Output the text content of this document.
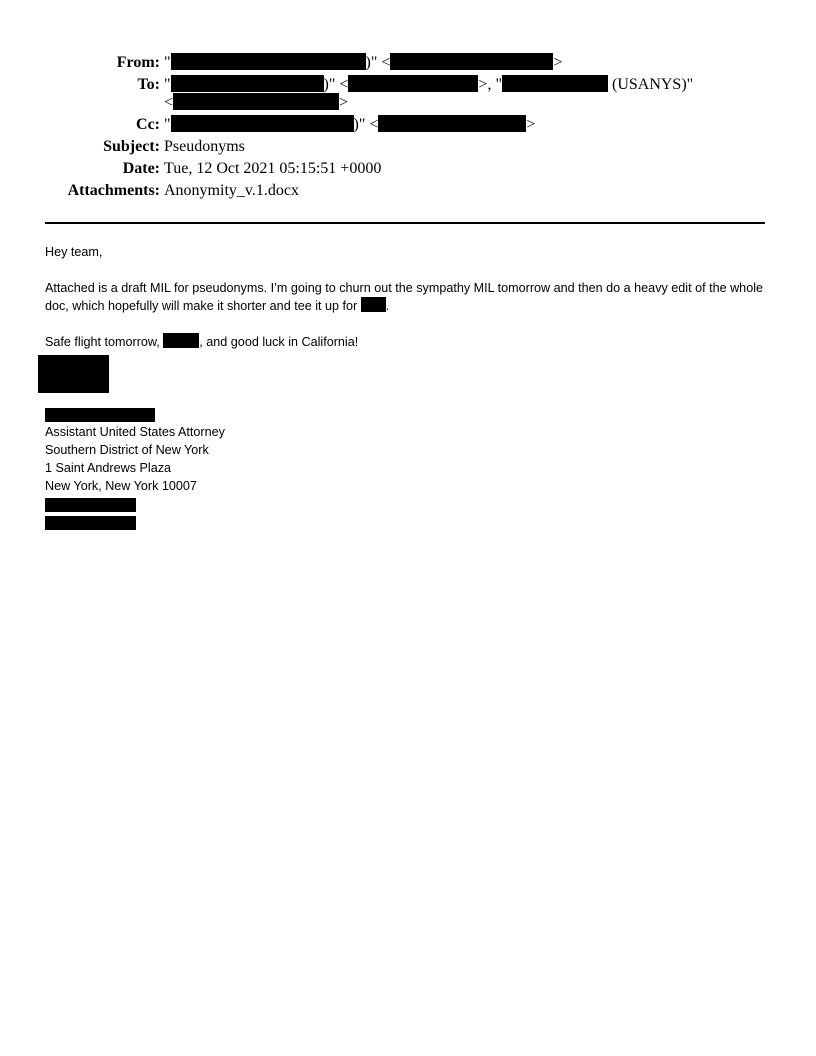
From: "	)" <	>
To: "	)" <	>, "	(USANYS)"
<	>
Cc: "	)" <	>
Subject: Pseudonyms
Date: Tue, 12 Oct 2021 05:15:51 +0000
Attachments: Anonymity_v.1.docx

Hey team,

Attached is a draft MIL for pseudonyms. I’m going to churn out the sympathy MIL tomorrow and then do a heavy edit of the whole doc, which hopefully will make it shorter and tee it up for .

Safe flight tomorrow,	, and good luck in California!

Assistant United States Attorney
Southern District of New York
1 Saint Andrews Plaza
New York, New York 10007
